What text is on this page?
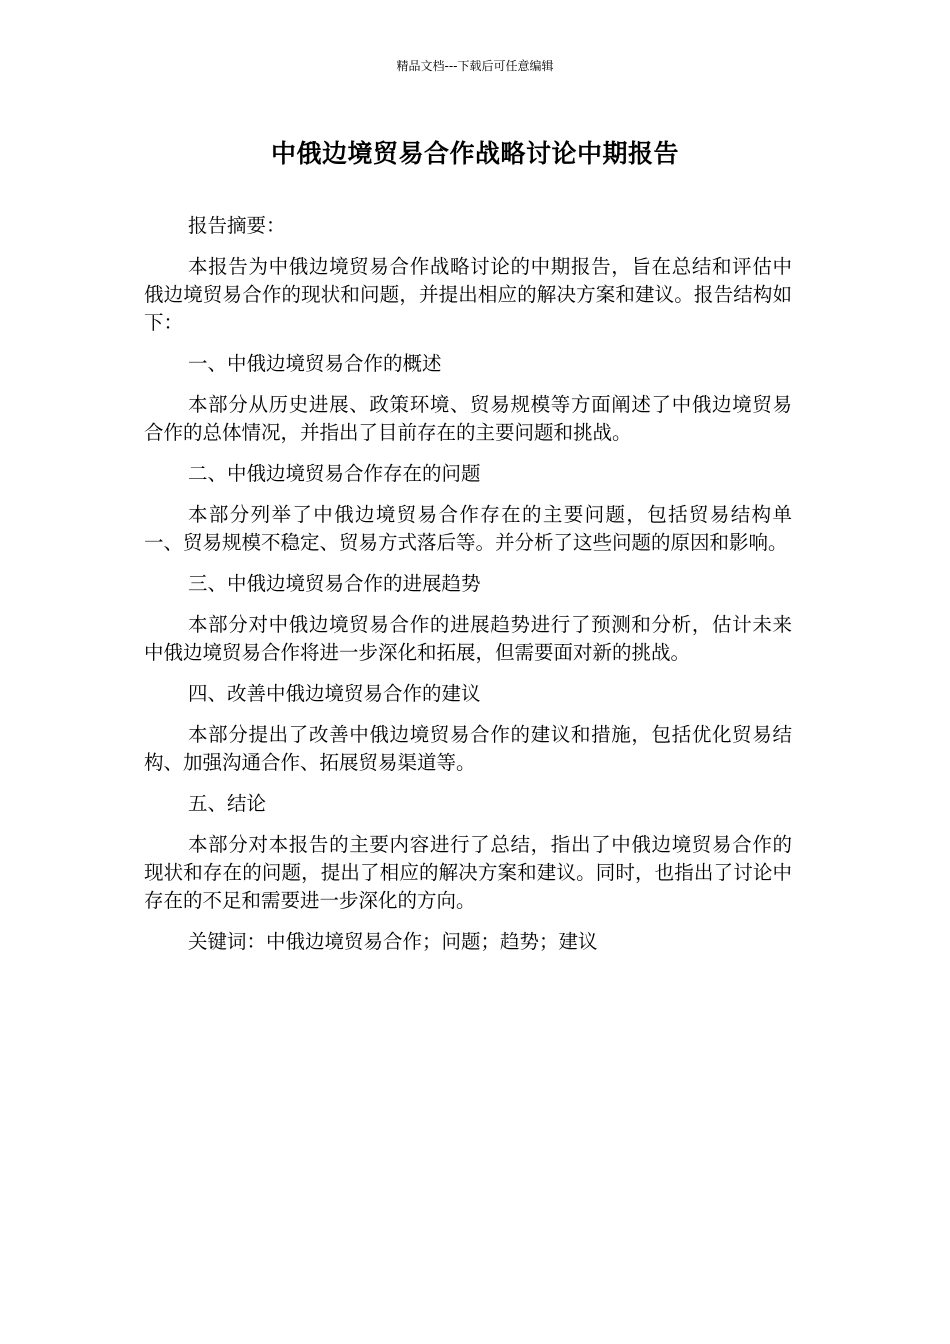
精品文档---下载后可任意编辑
中俄边境贸易合作战略讨论中期报告

报告摘要：

本报告为中俄边境贸易合作战略讨论的中期报告，旨在总结和评估中俄边境贸易合作的现状和问题，并提出相应的解决方案和建议。报告结构如下：

一、中俄边境贸易合作的概述

本部分从历史进展、政策环境、贸易规模等方面阐述了中俄边境贸易合作的总体情况，并指出了目前存在的主要问题和挑战。

二、中俄边境贸易合作存在的问题

本部分列举了中俄边境贸易合作存在的主要问题，包括贸易结构单一、贸易规模不稳定、贸易方式落后等。并分析了这些问题的原因和影响。

三、中俄边境贸易合作的进展趋势

本部分对中俄边境贸易合作的进展趋势进行了预测和分析，估计未来中俄边境贸易合作将进一步深化和拓展，但需要面对新的挑战。

四、改善中俄边境贸易合作的建议

本部分提出了改善中俄边境贸易合作的建议和措施，包括优化贸易结构、加强沟通合作、拓展贸易渠道等。

五、结论

本部分对本报告的主要内容进行了总结，指出了中俄边境贸易合作的现状和存在的问题，提出了相应的解决方案和建议。同时，也指出了讨论中存在的不足和需要进一步深化的方向。

关键词：中俄边境贸易合作；问题；趋势；建议
